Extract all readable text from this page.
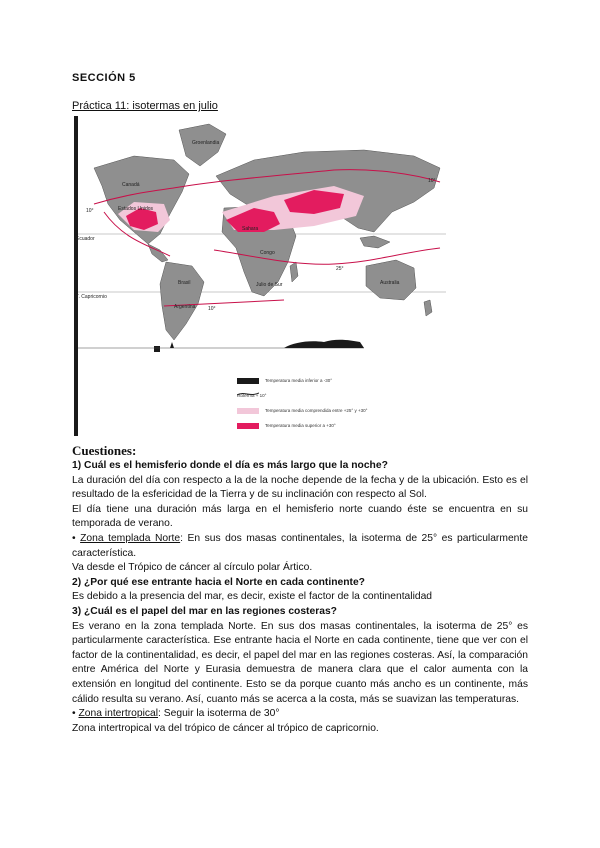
SECCIÓN 5
Práctica 11: isotermas en julio
Groenlandia
Canadá
Estados Unidos
Sahara
Congo
Brasil
Argentina
Julio de Sur	Australia
Ecuador
T. Capricornio
10°
25°
10°
10°
Temperatura media inferior a -30°
Isoterma + 10°
Temperatura media comprendida entre +25° y +30°
Temperatura media superior a +30°

Cuestiones:

1) Cuál es el hemisferio donde el día es más largo que la noche?

La duración del día con respecto a la de la noche depende de la fecha y de la ubicación. Esto es el resultado de la esfericidad de la Tierra y de su inclinación con respecto al Sol.

El día tiene una duración más larga en el hemisferio norte cuando éste se encuentra en su temporada de verano.

• Zona templada Norte: En sus dos masas continentales, la isoterma de 25° es particularmente característica.

Va desde el Trópico de cáncer al círculo polar Ártico.

2) ¿Por qué ese entrante hacia el Norte en cada continente?

Es debido a la presencia del mar, es decir, existe el factor de la continentalidad

3) ¿Cuál es el papel del mar en las regiones costeras?

Es verano en la zona templada Norte. En sus dos masas continentales, la isoterma de 25° es particularmente característica. Ese entrante hacia el Norte en cada continente, tiene que ver con el factor de la continentalidad, es decir, el papel del mar en las regiones costeras. Así, la comparación entre América del Norte y Eurasia demuestra de manera clara que el calor aumenta con la extensión en longitud del continente. Esto se da porque cuanto más ancho es un continente, más cálido resulta su verano. Así, cuanto más se acerca a la costa, más se suavizan las temperaturas.

• Zona intertropical: Seguir la isoterma de 30°

Zona intertropical va del trópico de cáncer al trópico de capricornio.
